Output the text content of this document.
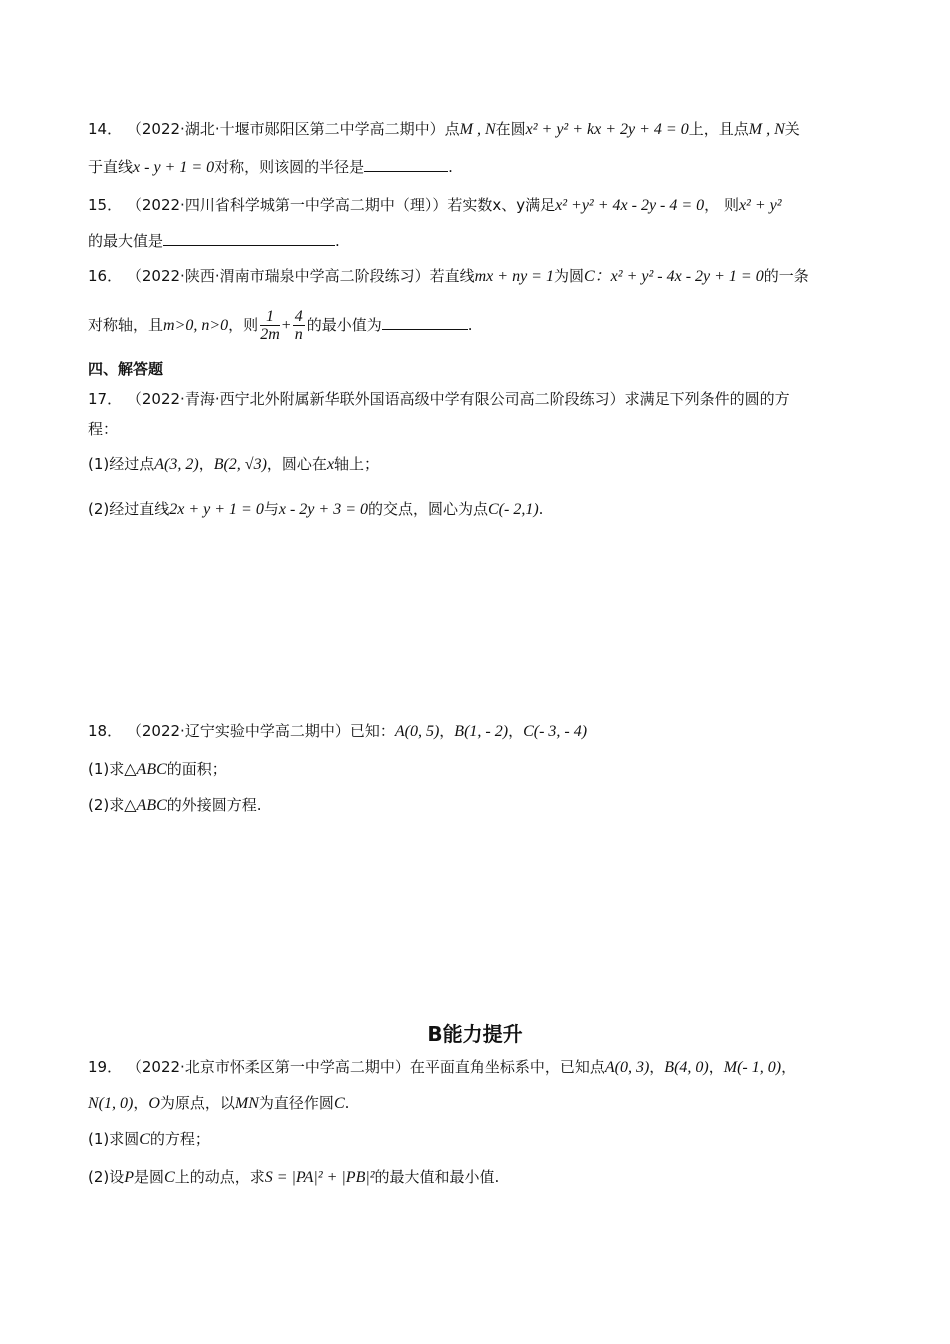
14． （2022·湖北·十堰市郧阳区第二中学高二期中）点M , N在圆x² + y² + kx + 2y + 4 = 0上，且点M , N关
于直线x - y + 1 = 0对称，则该圆的半径是	.
15． （2022·四川省科学城第一中学高二期中（理））若实数x、y满足x² +y² + 4x - 2y - 4 = 0， 则x² + y²
的最大值是	.
16． （2022·陕西·渭南市瑞泉中学高二阶段练习）若直线mx + ny = 1为圆C：x² + y² - 4x - 2y + 1 = 0的一条
对称轴，且m>0, n>0，则 $\frac{1}{2m} + \frac{4}{n}$ 的最小值为	.
四、解答题
17． （2022·青海·西宁北外附属新华联外国语高级中学有限公司高二阶段练习）求满足下列条件的圆的方
程：
(1)经过点A(3, 2)，B(2, √3)，圆心在x轴上；
(2)经过直线2x + y + 1 = 0与x - 2y + 3 = 0的交点，圆心为点C(- 2,1).
18． （2022·辽宁实验中学高二期中）已知：A(0, 5)，B(1, - 2)，C(- 3, - 4)
(1)求△ABC的面积；
(2)求△ABC的外接圆方程.
B能力提升
19． （2022·北京市怀柔区第一中学高二期中）在平面直角坐标系中，已知点A(0, 3)，B(4, 0)，M(- 1, 0)，
N(1, 0)，O为原点，以MN为直径作圆C.
(1)求圆C的方程；
(2)设P是圆C上的动点，求S = |PA|² + |PB|²的最大值和最小值.
